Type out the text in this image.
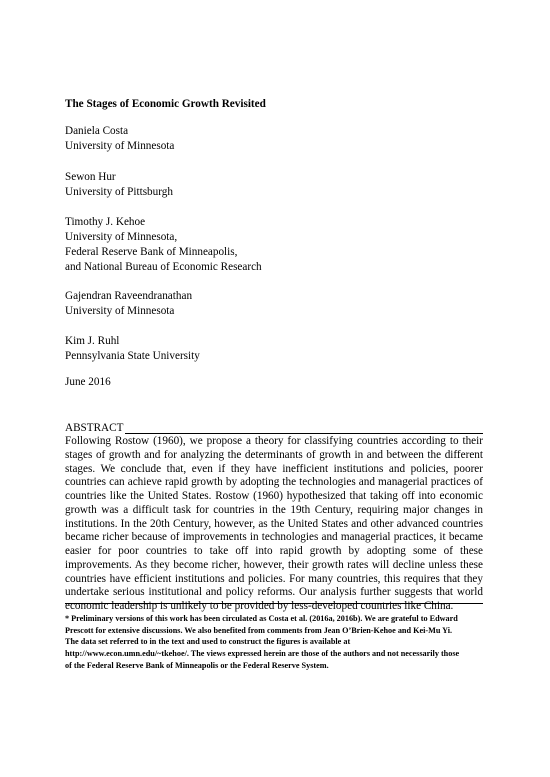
The Stages of Economic Growth Revisited
Daniela Costa
University of Minnesota
Sewon Hur
University of Pittsburgh
Timothy J. Kehoe
University of Minnesota,
Federal Reserve Bank of Minneapolis,
and National Bureau of Economic Research
Gajendran Raveendranathan
University of Minnesota
Kim J. Ruhl
Pennsylvania State University
June 2016
ABSTRACT
Following Rostow (1960), we propose a theory for classifying countries according to their stages of growth and for analyzing the determinants of growth in and between the different stages. We conclude that, even if they have inefficient institutions and policies, poorer countries can achieve rapid growth by adopting the technologies and managerial practices of countries like the United States. Rostow (1960) hypothesized that taking off into economic growth was a difficult task for countries in the 19th Century, requiring major changes in institutions. In the 20th Century, however, as the United States and other advanced countries became richer because of improvements in technologies and managerial practices, it became easier for poor countries to take off into rapid growth by adopting some of these improvements. As they become richer, however, their growth rates will decline unless these countries have efficient institutions and policies. For many countries, this requires that they undertake serious institutional and policy reforms. Our analysis further suggests that world economic leadership is unlikely to be provided by less-developed countries like China.
* Preliminary versions of this work has been circulated as Costa et al. (2016a, 2016b). We are grateful to Edward
Prescott for extensive discussions. We also benefited from comments from Jean O’Brien-Kehoe and Kei-Mu Yi.
The data set referred to in the text and used to construct the figures is available at
http://www.econ.umn.edu/~tkehoe/. The views expressed herein are those of the authors and not necessarily those
of the Federal Reserve Bank of Minneapolis or the Federal Reserve System.
